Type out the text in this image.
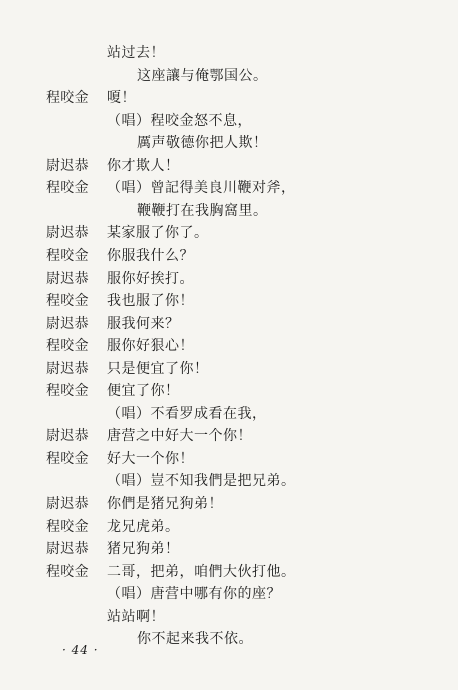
站过去！
这座讓与俺鄂国公。
程咬金 嗄！
（唱）程咬金怒不息，
厲声敬德你把人欺！
尉迟恭 你才欺人！
程咬金 （唱）曾記得美良川鞭对斧，
鞭鞭打在我胸窩里。
尉迟恭 某家服了你了。
程咬金 你服我什么？
尉迟恭 服你好挨打。
程咬金 我也服了你！
尉迟恭 服我何来？
程咬金 服你好狠心！
尉迟恭 只是便宜了你！
程咬金 便宜了你！
（唱）不看罗成看在我，
尉迟恭 唐营之中好大一个你！
程咬金 好大一个你！
（唱）豈不知我們是把兄弟。
尉迟恭 你們是猪兄狗弟！
程咬金 龙兄虎弟。
尉迟恭 猪兄狗弟！
程咬金 二哥，把弟，咱們大伙打他。
（唱）唐营中哪有你的座？
站站啊！
你不起来我不依。
· 44 ·
